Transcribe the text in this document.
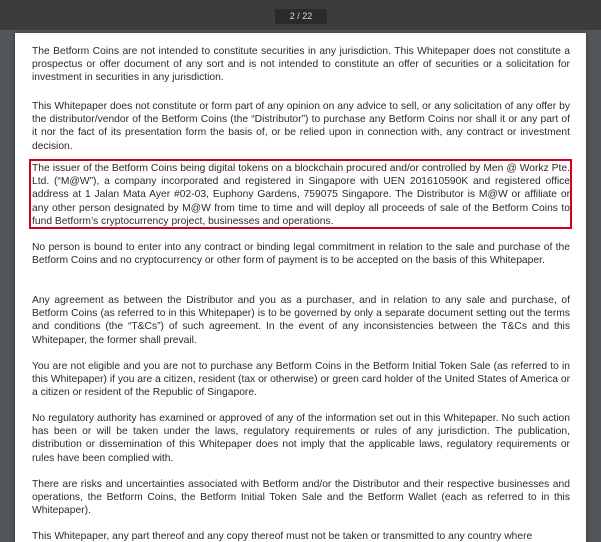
2 / 22

The Betform Coins are not intended to constitute securities in any jurisdiction. This Whitepaper does not constitute a prospectus or offer document of any sort and is not intended to constitute an offer of securities or a solicitation for investment in securities in any jurisdiction.

This Whitepaper does not constitute or form part of any opinion on any advice to sell, or any solicitation of any offer by the distributor/vendor of the Betform Coins (the “Distributor”) to purchase any Betform Coins nor shall it or any part of it nor the fact of its presentation form the basis of, or be relied upon in connection with, any contract or investment decision.

The issuer of the Betform Coins being digital tokens on a blockchain procured and/or controlled by Men @ Workz Pte. Ltd. (“M@W”), a company incorporated and registered in Singapore with UEN 201610590K and registered office address at 1 Jalan Mata Ayer #02-03, Euphony Gardens, 759075 Singapore. The Distributor is M@W or affiliate or any other person designated by M@W from time to time and will deploy all proceeds of sale of the Betform Coins to fund Betform’s cryptocurrency project, businesses and operations.

No person is bound to enter into any contract or binding legal commitment in relation to the sale and purchase of the Betform Coins and no cryptocurrency or other form of payment is to be accepted on the basis of this Whitepaper.

Any agreement as between the Distributor and you as a purchaser, and in relation to any sale and purchase, of Betform Coins (as referred to in this Whitepaper) is to be governed by only a separate document setting out the terms and conditions (the “T&Cs”) of such agreement. In the event of any inconsistencies between the T&Cs and this Whitepaper, the former shall prevail.

You are not eligible and you are not to purchase any Betform Coins in the Betform Initial Token Sale (as referred to in this Whitepaper) if you are a citizen, resident (tax or otherwise) or green card holder of the United States of America or a citizen or resident of the Republic of Singapore.

No regulatory authority has examined or approved of any of the information set out in this Whitepaper. No such action has been or will be taken under the laws, regulatory requirements or rules of any jurisdiction. The publication, distribution or dissemination of this Whitepaper does not imply that the applicable laws, regulatory requirements or rules have been complied with.

There are risks and uncertainties associated with Betform and/or the Distributor and their respective businesses and operations, the Betform Coins, the Betform Initial Token Sale and the Betform Wallet (each as referred to in this Whitepaper).

This Whitepaper, any part thereof and any copy thereof must not be taken or transmitted to any country where
